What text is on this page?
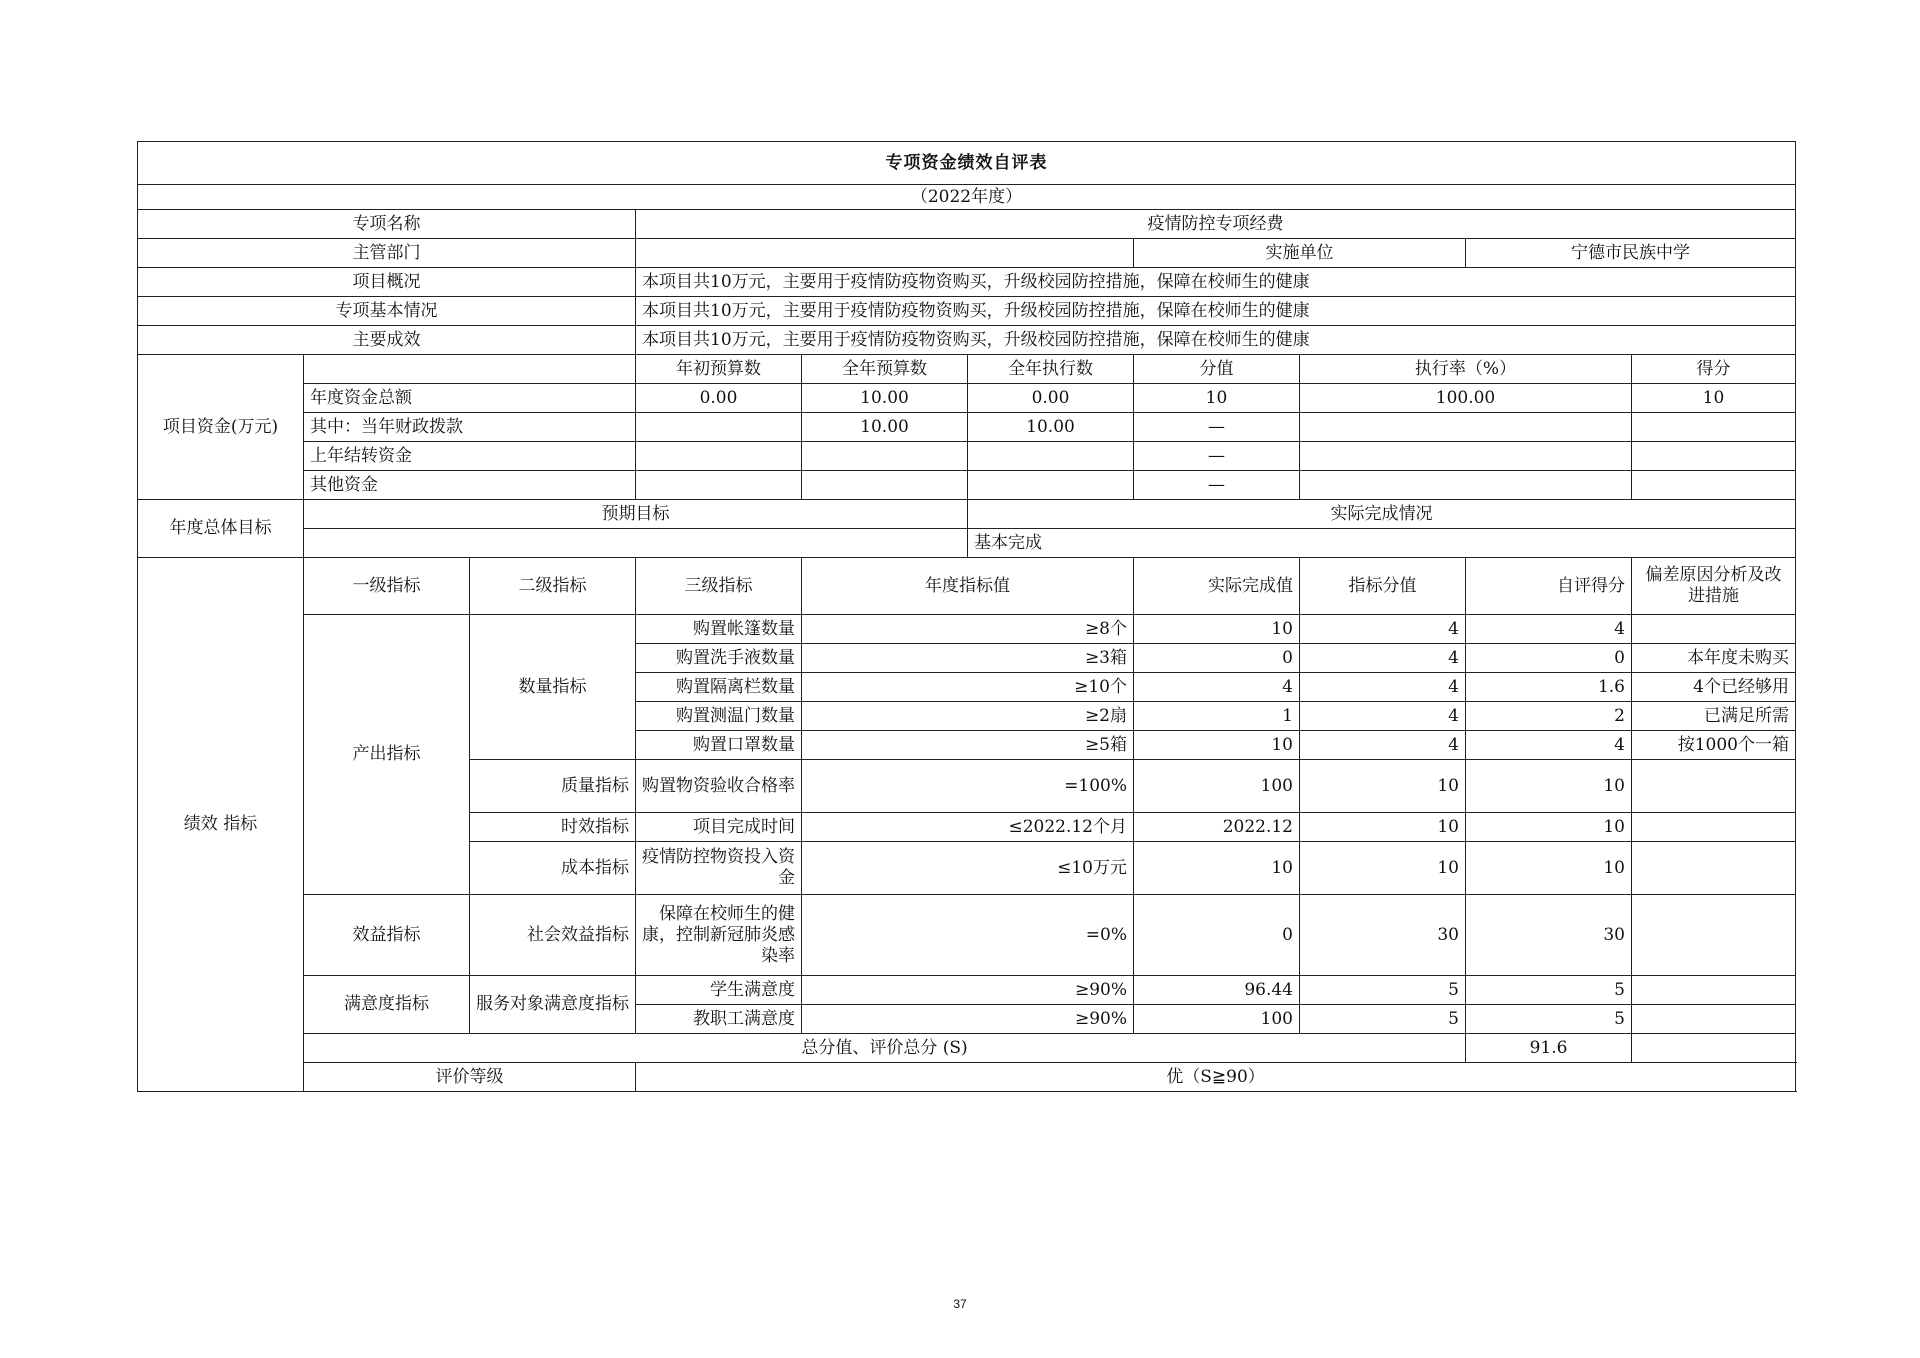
专项资金绩效自评表									
（2022年度）									
专项名称			疫情防控专项经费						
主管部门						实施单位		宁德市民族中学	
项目概况			本项目共10万元，主要用于疫情防疫物资购买，升级校园防控措施，保障在校师生的健康						
专项基本情况			本项目共10万元，主要用于疫情防疫物资购买，升级校园防控措施，保障在校师生的健康						
主要成效			本项目共10万元，主要用于疫情防疫物资购买，升级校园防控措施，保障在校师生的健康						
项目资金(万元)			年初预算数	全年预算数	全年执行数	分值	执行率（%）		得分
	年度资金总额		0.00	10.00	0.00	10	100.00		10
	其中：当年财政拨款			10.00	10.00	—			
	上年结转资金					—			
	其他资金					—			
年度总体目标	预期目标				实际完成情况				
					基本完成				
绩效 指标	一级指标	二级指标	三级指标	年度指标值		实际完成值	指标分值	自评得分	偏差原因分析及改进措施
	产出指标	数量指标	购置帐篷数量	≥8个		10	4	4	
			购置洗手液数量	≥3箱		0	4	0	本年度未购买
			购置隔离栏数量	≥10个		4	4	1.6	4个已经够用
			购置测温门数量	≥2扇		1	4	2	已满足所需
			购置口罩数量	≥5箱		10	4	4	按1000个一箱
		质量指标	购置物资验收合格率	=100%		100	10	10	
		时效指标	项目完成时间	≤2022.12个月		2022.12	10	10	
		成本指标	疫情防控物资投入资金	≤10万元		10	10	10	
	效益指标	社会效益指标	保障在校师生的健康，控制新冠肺炎感染率	=0%		0	30	30	
	满意度指标	服务对象满意度指标	学生满意度	≥90%		96.44	5	5	
			教职工满意度	≥90%		100	5	5	
	总分值、评价总分 (S)							91.6	
	评价等级		优（S≧90）						
37
